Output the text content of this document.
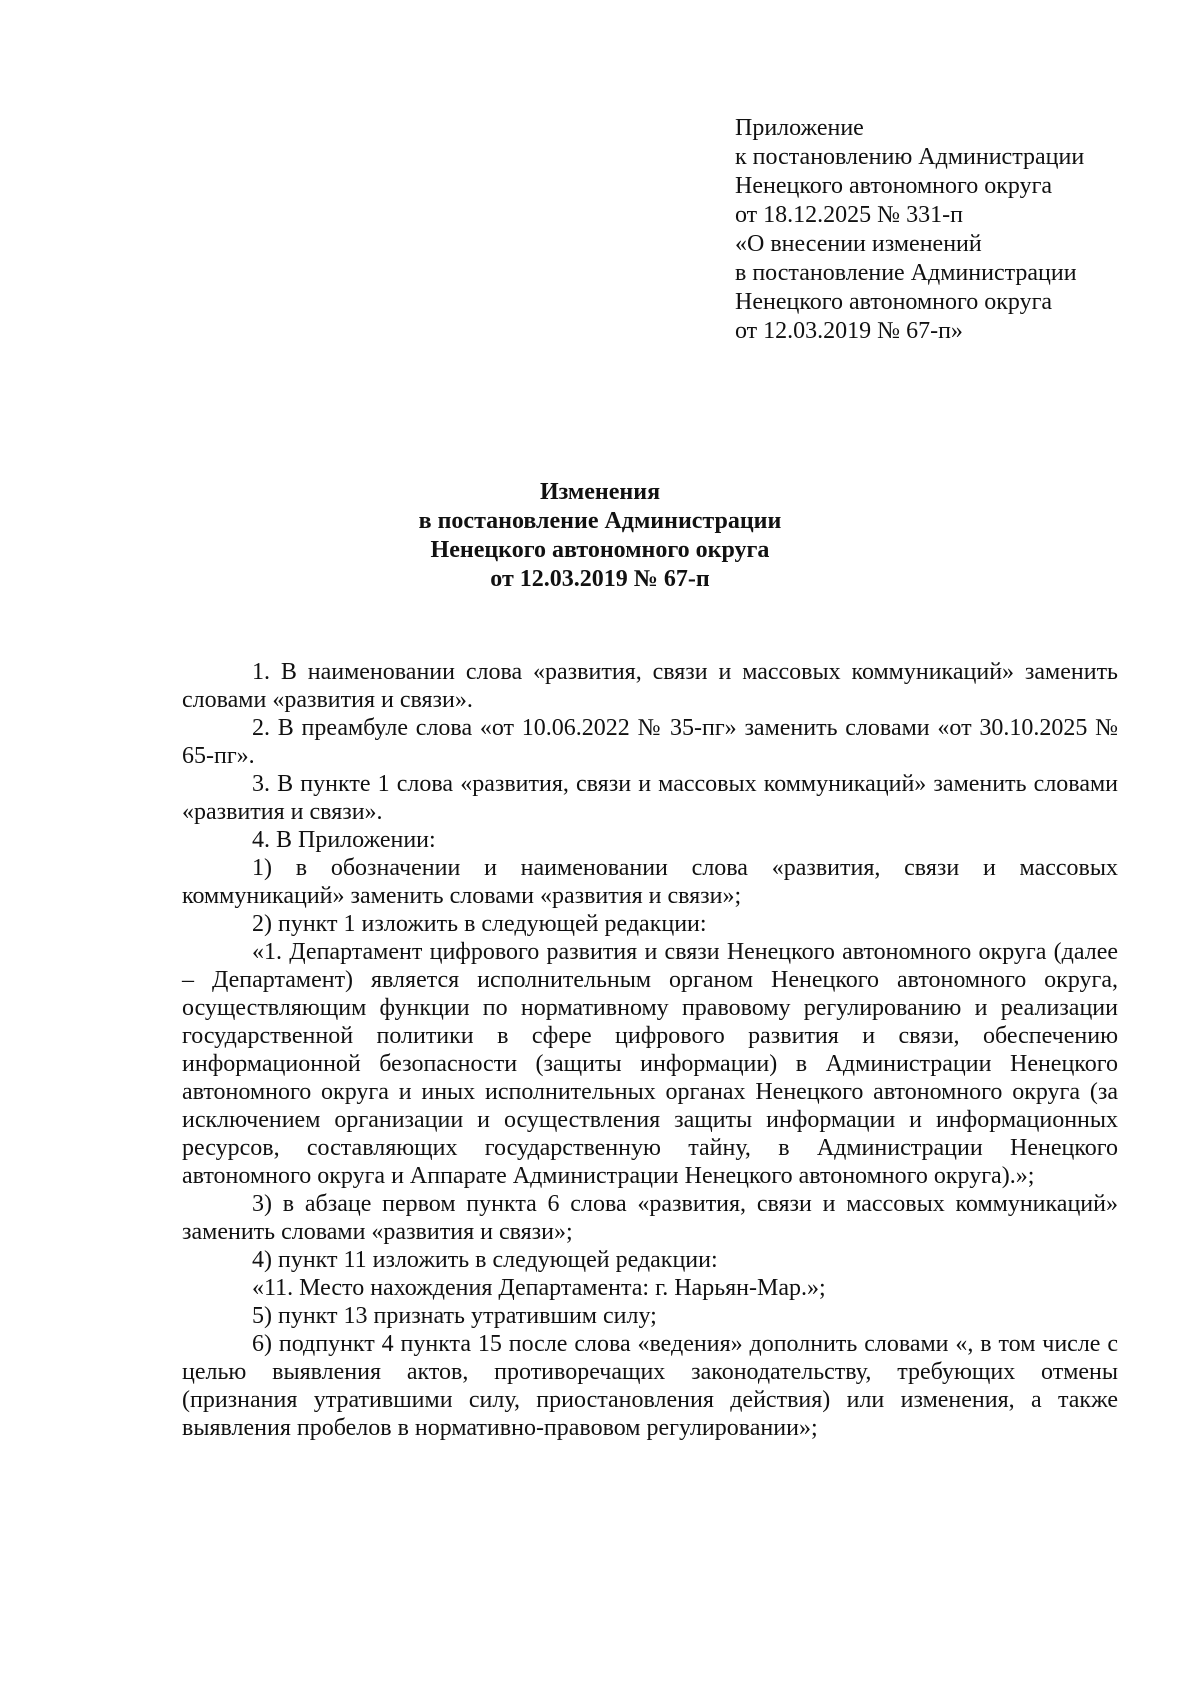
Приложение
к постановлению Администрации
Ненецкого автономного округа
от 18.12.2025 № 331-п
«О внесении изменений
в постановление Администрации
Ненецкого автономного округа
от 12.03.2019 № 67-п»
Изменения
в постановление Администрации
Ненецкого автономного округа
от 12.03.2019 № 67-п

1. В наименовании слова «развития, связи и массовых коммуникаций» заменить словами «развития и связи».

2. В преамбуле слова «от 10.06.2022 № 35-пг» заменить словами «от 30.10.2025 № 65-пг».

3. В пункте 1 слова «развития, связи и массовых коммуникаций» заменить словами «развития и связи».

4. В Приложении:

1) в обозначении и наименовании слова «развития, связи и массовых коммуникаций» заменить словами «развития и связи»;

2) пункт 1 изложить в следующей редакции:

«1. Департамент цифрового развития и связи Ненецкого автономного округа (далее – Департамент) является исполнительным органом Ненецкого автономного округа, осуществляющим функции по нормативному правовому регулированию и реализации государственной политики в сфере цифрового развития и связи, обеспечению информационной безопасности (защиты информации) в Администрации Ненецкого автономного округа и иных исполнительных органах Ненецкого автономного округа (за исключением организации и осуществления защиты информации и информационных ресурсов, составляющих государственную тайну, в Администрации Ненецкого автономного округа и Аппарате Администрации Ненецкого автономного округа).»;

3) в абзаце первом пункта 6 слова «развития, связи и массовых коммуникаций» заменить словами «развития и связи»;

4) пункт 11 изложить в следующей редакции:

«11. Место нахождения Департамента: г. Нарьян-Мар.»;

5) пункт 13 признать утратившим силу;

6) подпункт 4 пункта 15 после слова «ведения» дополнить словами «, в том числе с целью выявления актов, противоречащих законодательству, требующих отмены (признания утратившими силу, приостановления действия) или изменения, а также выявления пробелов в нормативно-правовом регулировании»;
